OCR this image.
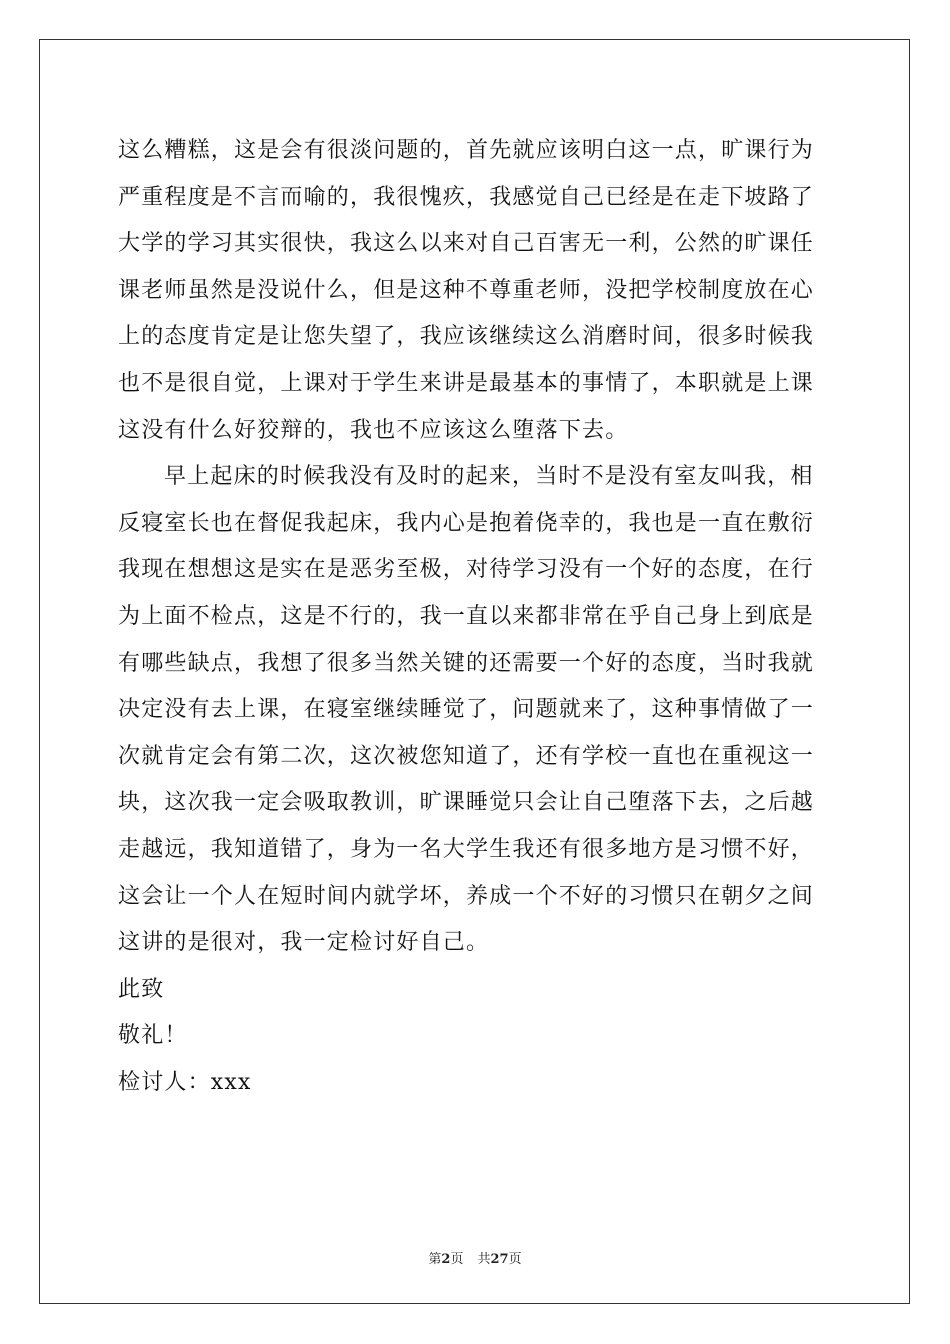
这么糟糕，这是会有很淡问题的，首先就应该明白这一点，旷课行为
严重程度是不言而喻的，我很愧疚，我感觉自己已经是在走下坡路了
大学的学习其实很快，我这么以来对自己百害无一利，公然的旷课任
课老师虽然是没说什么，但是这种不尊重老师，没把学校制度放在心
上的态度肯定是让您失望了，我应该继续这么消磨时间，很多时候我
也不是很自觉，上课对于学生来讲是最基本的事情了，本职就是上课
这没有什么好狡辩的，我也不应该这么堕落下去。
早上起床的时候我没有及时的起来，当时不是没有室友叫我，相
反寝室长也在督促我起床，我内心是抱着侥幸的，我也是一直在敷衍
我现在想想这是实在是恶劣至极，对待学习没有一个好的态度，在行
为上面不检点，这是不行的，我一直以来都非常在乎自己身上到底是
有哪些缺点，我想了很多当然关键的还需要一个好的态度，当时我就
决定没有去上课，在寝室继续睡觉了，问题就来了，这种事情做了一
次就肯定会有第二次，这次被您知道了，还有学校一直也在重视这一
块，这次我一定会吸取教训，旷课睡觉只会让自己堕落下去，之后越
走越远，我知道错了，身为一名大学生我还有很多地方是习惯不好，
这会让一个人在短时间内就学坏，养成一个不好的习惯只在朝夕之间
这讲的是很对，我一定检讨好自己。
此致
敬礼！
检讨人：xxx
第2页 共27页
